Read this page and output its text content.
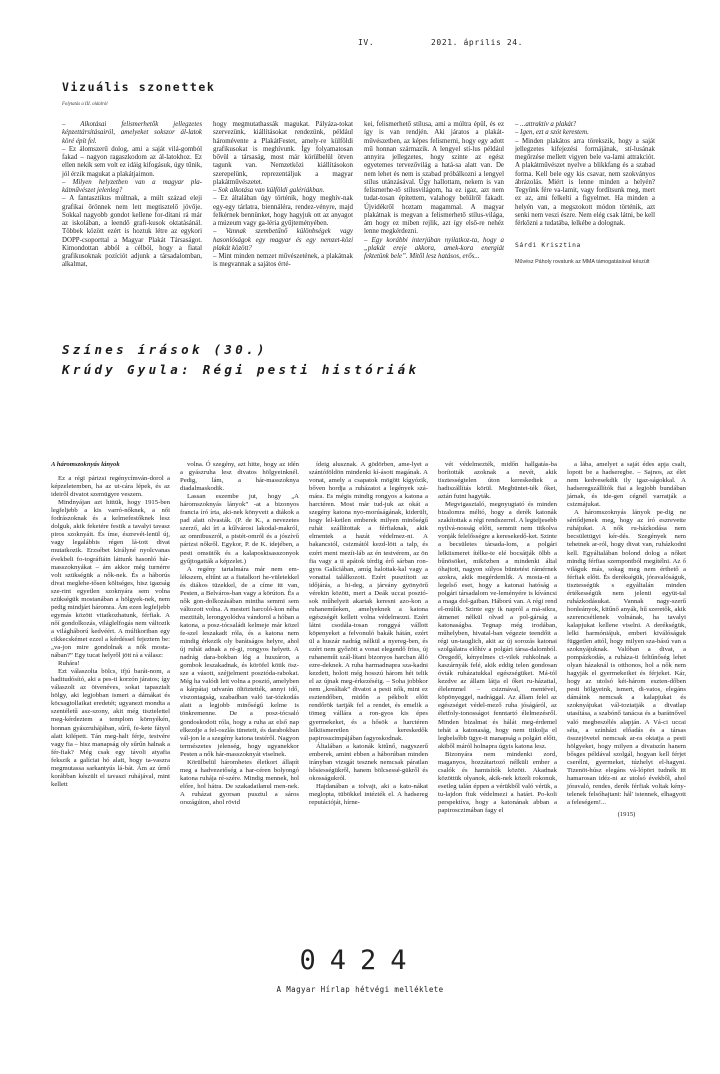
IV.	2021. április 24.
Vizuális szonettek
Folytatás a III. oldalról

– Alkotásai felismerhetők jellegzetes képzettársításairól, amelyeket sokszor ál-latok köré épít fel.

– Ez álomszerű dolog, ami a saját vilá-gomból fakad – nagyon ragaszkodom az ál-latokhoz. Ez ellen nekik sem volt ez idáig kifogásuk, úgy tűnik, jól érzik magukat a plakátjaimon.

– Milyen helyzetben van a magyar pla-kátművészet jelenleg?

– A fantasztikus múltnak, a múlt század eleji grafikai őrönnek nem lett megtisztelő jövője. Sokkal nagyobb gondot kellene for-dítani rá már az iskolában, a leendő grafi-kusok oktatásánál. Többek között ezért is hoztuk létre az egykori DOPP-csoporttal a Magyar Plakát Társaságot. Kimondottan abból a célból, hogy a fiatal grafikusoknak pozíciót adjunk a társadalomban, alkalmat,

hogy megmutathassák magukat. Pályáza-tokat szervezünk, kiállításokat rendezünk, például háromévente a PlakátFestet, amely-re külföldi grafikusokat is meghívunk. Így folyamatosan bővül a társaság, most már körülbelül ötven tagunk van. Nemzetközi kiállításokon szerepelünk, reprezentáljuk a magyar plakátművészetet.

– Sok alkotása van külföldi galériákban.

– Ez általában úgy történik, hogy meghív-nak egy-egy tárlatra, biennáléra, rendez-vényre, majd felkérnek bennünket, hogy hagyjuk ott az anyagot a múzeum vagy ga-léria gyűjteményében.

– Vannak szembetűnő különbségek vagy hasonlóságok egy magyar és egy nemzet-közi plakát között?

– Mint minden nemzet művészetének, a plakátnak is megvannak a sajátos érté-

kei, felismerhető stílusa, ami a múltra épül, és ez így is van rendjén. Aki járatos a plakát-művészetben, az képes felismerni, hogy egy adott mű honnan származik. A lengyel stí-lus például annyira jellegzetes, hogy szinte az egész egyetemes tervezővilág a hatá-sa alatt van. De nem lehet és nem is szabad próbálkozni a lengyel stílus utánzásával. Úgy hallottam, nekem is van felismerhe-tő stílusvilágom, ha ez igaz, azt nem tudat-tosan építettem, valahogy belülről fakadt. Újvidékről hoztam magammal. A magyar plakátnak is megvan a felismerhető stílus-világa, ám hogy ez miben rejlik, azt így első-re nehéz lenne megkérdezni.

– Egy korábbi interjúban nyilatkoz-ta, hogy a „plakát ereje akkora, amek-kora energiát fektetünk bele”. Mitől lesz hatásos, erős...

– ...attraktív a plakát?

– Igen, ezt a szót kerestem.

– Minden plakátos arra törekszik, hogy a saját jellegzetes kifejezési formájának, stí-lusának megőrzése mellett vigyen bele va-lami attrakciót. A plakátművészet nyelve a blikkfang és a szabad forma. Kell bele egy kis csavar, nem szokványos ábrázolás. Miért is lenne minden a helyén? Tegyünk fére va-lamit, vagy fordítsunk meg, mert ez az, ami felkelti a figyelmet. Ha minden a helyén van, a megszokott módon történik, azt senki nem veszi észre. Nem elég csak látni, be kell férkőzni a tudatába, lelkébe a dolognak.

Sárdi Krisztina
Művész Páholy rovatunk az MMA támogatásával készült
Színes írások (30.)
Krúdy Gyula: Régi pesti históriák

A háromszoknyás lányok

Ez a régi párizsi regénycímván-dorol a képzeletemben, ha az ut-cára lépek, és az ideiről divatot szemügyre veszem.

Mindnyájan azt hittük, hogy 1915-ben legfeljebb a kis varró-nőknek, a női fodrászoknak és a kelmefestőknek lesz dolguk, akik feketére festik a tavalyi tavasz piros szoknyáit. És íme, észrevét-lenül új, vagy legalábbis régen lá-tott divat mutatkozik. Erzsébet királyné nyolcvanas évekbeli fo-tográfiáin láttunk hasonló hár-masszoknyákat – ám akkor még turnérre volt szükségük a nők-nek. És a háborús divat meglehe-tősen költséges, hisz igazság sze-rint egyetlen szoknyára sem volna szükségük mostanában a hölgyek-nek, nem pedig mindjárt háromra. Ám ezen legfeljebb egymás között vitatkozhatunk, férfiak. A nőí gondolkozás, világlelfogás nem változik a világháború kedvéért. A múltkoriban egy cikkecskémet ezzel a kérdéssel fejeztem be: „va-jon mire gondolnak a nők mosta-nában?” Egy tucat helyről jött rá a válasz:

Ruhára!

Ezt válaszolta bölcs, ifjú barát-nom, a haditudósító, aki a pes-ti korzón járatos; így válaszolt az ötvenéves, sokat tapasztalt hölgy, aki legjobban ismeri a dámákat és köcsagtollaikat eredetét; ugyanezt mondta a szentéletű asz-szony, akit még tisztelettel meg-kérdeztem a templom környékén, honnan gyászruhájában, sűrű, fe-kete fátyol alatt kilépett. Tán meg-halt férje, testvére vagy fia – hisz manapság oly sűrűn halnak a fér-fiak? Még csak egy távoli atyafia fekszik a galíciai hó alatt, hogy ta-vaszra megmutassa sarkantyús lá-bát. Ám az úrnő korábban készült el tavaszi ruhájával, mint kellett

volna. Ó szegény, azt hitte, hogy az idén a gyászruha lesz divatos hölgyeinknél. Pedig, lám, a hár-masszoknya diadalmaskodik.

Lassan eszembe jut, hogy „A háromszoknyás lányok” -at a bizonyos francia író írta, aki-nek könyveit a diákok a pad alatt olvasták. (P. de K., a nevezetes szerző, aki írt a kűlvárosi lakodal-makról, az omnibuszról, a pistét-omról és a jószívű párizsi nőkről. Egykor, P. de K. idejében, a pesti omsütők és a kalaposkisasszonyok gyűjtogatták a képzelet.)

A regény tartalmára már nem em-lékszem, eltűnt az a fiatalkori he-vületekkel és diákos tüzekkel, de a címe itt van, Pesten, a Belváros-ban vagy a körúton. És a nők gon-dolkozásában mintha semmi sem változott volna. A mesteri harcoló-kon néha meztitáb, lerongyolódva vándorol a hóban a katona, a posz-tócsaládi kelmeje már közel fe-szel leszakadt róla, és a katona nem mindig érkezik oly barátságos helyre, ahol új ruhát adnak a ré-gi, rongyos helyett. A nadrág dara-bokban lóg a huszáron, a gombok leszakadnak, és köröfel kötik ösz-sze a vásott, széjjelment posztóda-rabokat. Még ha valódi lett volna a posztó, amelyben a kárpátaj udvarán öltöztették, annyi idő, viszontagság, szabadban való tar-tózkodás alatt a legjobb minőségű kelme is tönkremenne. De a posz-tócsaló gondoskodott róla, hogy a ruha az első nap elkezdje a fel-oszlás tüneteit, és darabokban vál-jon le a szegény katona testéről. Nagyon természetes jelenség, hogy ugyanekkor Pesten a nők hár-masszoknyát viselnek.

Körülbelül háromhetes életkort állapít meg a hadvezetőség a har-céren bolyongó katona ruhája ré-szére. Mindig mennek, hol előre, hol hátra. De szakadatlanul men-nek. A ruházat gyorsan pusztul a sáros országúton, ahol rövid

ídeig alusznak. A gödörben, ame-lyet a szántóföldön mindenki kí-ásott magának. A vonat, amely a csapatok mögött kígyózik, bőven hordja a ruházatot a legények szá-mára. Es mégis mindig rongyos a katona a harctéren. Most már tud-juk az okát a szegény katona nyo-morúságának, kiderült, hogy lel-ketlen emberek milyen minőségű ruhát szállítottak a férfiaknak, akik elmentek a hazát védelmez-ni. A bakancstól, csizmától kezd-lött a talp, és ezért ment mezít-láb az én testvérem, az ön fia vagy a ti apátok térdig érő sárban ron-gyos Galíciában, amíg halottak-kal vagy a vonattal találkozott. Ezért pusztított az időjárás, a hi-deg, a járvány gyönyörű vérekin között, mert a Deák uccai posztó-sok műhelyeit akartak keresni azo-kon a ruhaneműeken, amelyeknek a katona egészségét kellett volna védelmezni. Ezért látni csodála-tosan ronggyá vállott köpenyeket a felvonuló bakák hátán, ezért ül a huszár nadrág nélkül a nyereg-ben, és ezért nem győzött a vonat elegendő friss, új ruhaneműt szál-lítani bizonyos harcban álló ezre-deknek. A ruha harmadnapra sza-kadni kezdett, holott még hosszú három hét telik el az újnak meg-érkezéséig. – Soha jobbkor nem „kreáltak” divatot a pesti nők, mint ez esztendőben, midőn a pékbolt előtt rendőrök tartják fel a rendet, és emelik a tömeg vállára a ron-gyos kis épes gyermekeket, és a hősök a harctéren lelkiismeretlen kereskedők papirosszimpájában fagyoskodnak.

Általában a katonák kitűnő, nagyszerű emberek, amint ebben a háborúban minden irányban vizsgát tesznek nemcsak páratlan hősiességükről, hanem bölcsessé-gükről és okosságukról.

Hajdanában a tolvajt, aki a kato-nákat meglopta, tübökkel intézték el. A hadsereg reputációját, hírne-

vét védelmezték, midőn hallgatás-ba borították azoknak a nevét, akik tisztességtelen úton kereskedtek a hadiszállítás körül. Megbüntet-ték őket, aztán futni hagyták.

Megvigasztaló, megnyugtató és minden bizalomra méltó, hogy a derék katonák szakítottak a régi rendszerrel. A legteljesebb nyilvá-nosság előtt, semmit nem titkolva vonják felelősségre a keresekedő-ket. Szinte a becsületes társada-lom, a polgári lelkiismeret ítélke-te elé bocsátják ölbb a bűnösöket, miközben a mindenki által óhajtott, nagyon súlyos büntetést rámérnek azokra, akik megérdemlik. A mosta-ni a legelső eset, hogy a katonai hatóság a polgári társadalom ve-leményére is kíváncsi a maga dol-gaiban. Háború van. A régi rend el-múlik. Szinte egy ik napról a má-sikra, átmenet nélkül olvad a pol-gárság a katonaságba. Tegnap még irodában, műhelyben, hivatal-ban végezte teendőit a régi un-tauglich, akit az új sorozás katonai szolgálatra előhív a polgári társa-dalomból. Öregedő, kényelmes ci-vilek ruhkolnak a kaszárnyák felé, akik eddig telen gondosan óvták ruházatukkal egészségüket. Má-tól kezdve az állam látja el őket ru-házattal, élelemmel – csizmával, mentével, köpönyeggel, nadrággal. Az állam felel az egészséget védel-mező ruha jóságáról, az életfoly-tonosságot fenntartó élelmezésről. Minden bizalmat és hálát meg-érdemel tehát a katonaság, hogy nem titkolja el legbelsőbb ügye-it manapság a polgári előtt, akiből máról holnapra úgyis katona lesz.

Bizonyára nem mindenki zord, maganyos, hozzátartozó nélküli ember a csalók és hamisítók között. Akadnak közöttük olyanok, akik-nek közeli rokonuk, esetleg talán éppen a vérükből való vérük, a tu-lajdon fiuk védelmezi a határt. Po-koli perspektíva, hogy a katonának abban a papirosczimában fagy el

a lába, amelyet a saját édes apja csalt, lopott be a hadseregbe. – Sajnos, az élet nem kedvesekdik ily igaz-ságokkal. A hadseregszállítók fiai a legjobb bundában járnak, és ide-gen cégnél varratják a csizmájukat.

A háromszoknyás lányok pe-dig ne sértődjenek meg, hogy az író eszrevette ruhájukat. A nők ru-házkodása nem becsületügyi kér-dés. Szegények nem tehetnek ar-ról, hogy divat van, ruházkodni kell. Egyáltalában bolond dolog a nőket mindig férfias szempontból megítélni. Az ő világuk más, sokag meg nem érthető a férfiak előtt. És derékségük, jóravalóságuk, tisztességük s egyáltalán minden értékességük nem jelenti együt-tal ruházkodásukat. Vannak nagy-szerű honleányok, kitűnő anyák, hű szeretők, akik szerencsétlenek volnának, ha tavalyi kalapjukat kellene viselni. A derékségük, lelki harmóniájuk, emberi kiválóságuk független attól, hogy milyen sza-bású van a szoknyájuknak. Valóban a divat, a pompázkodás, a ruháza-ti feltűnőség lehet olyan házaknál is otthonos, hol a nők nem hagyják el gyermekeiket és férjeket. Kár, hogy az utolsó két-három eszten-dőben pesti hölgyeink, ismert, di-vatos, elegáns dámáink nemcsak a kalapjukat és szoknyájukat vál-toztatják a divatlap utasítása, a szabónő tanácsa és a barátnővel való megbeszélés alapján. A Vá-ci uccai séta, a színházi előadás és a társas összejövetel nemcsak ar-ra oktatja a pesti hölgyeket, hogy milyen a divatszín hanem bősges példával szolgál, hogyan kell férjet cserélni, gyermeket, túzhelyt el-hagyni. Tizenöt-húsz elegáns vá-lópört tudnék itt hamarosan idéz-ni az utolsó évekből, ahol jóravaló, rendes, derék férfiak voltak kény-telenek felsóhajtani: hál' istennek, elhagyott a feleségem!...

(1915)

0424
A Magyar Hírlap hétvégi melléklete
